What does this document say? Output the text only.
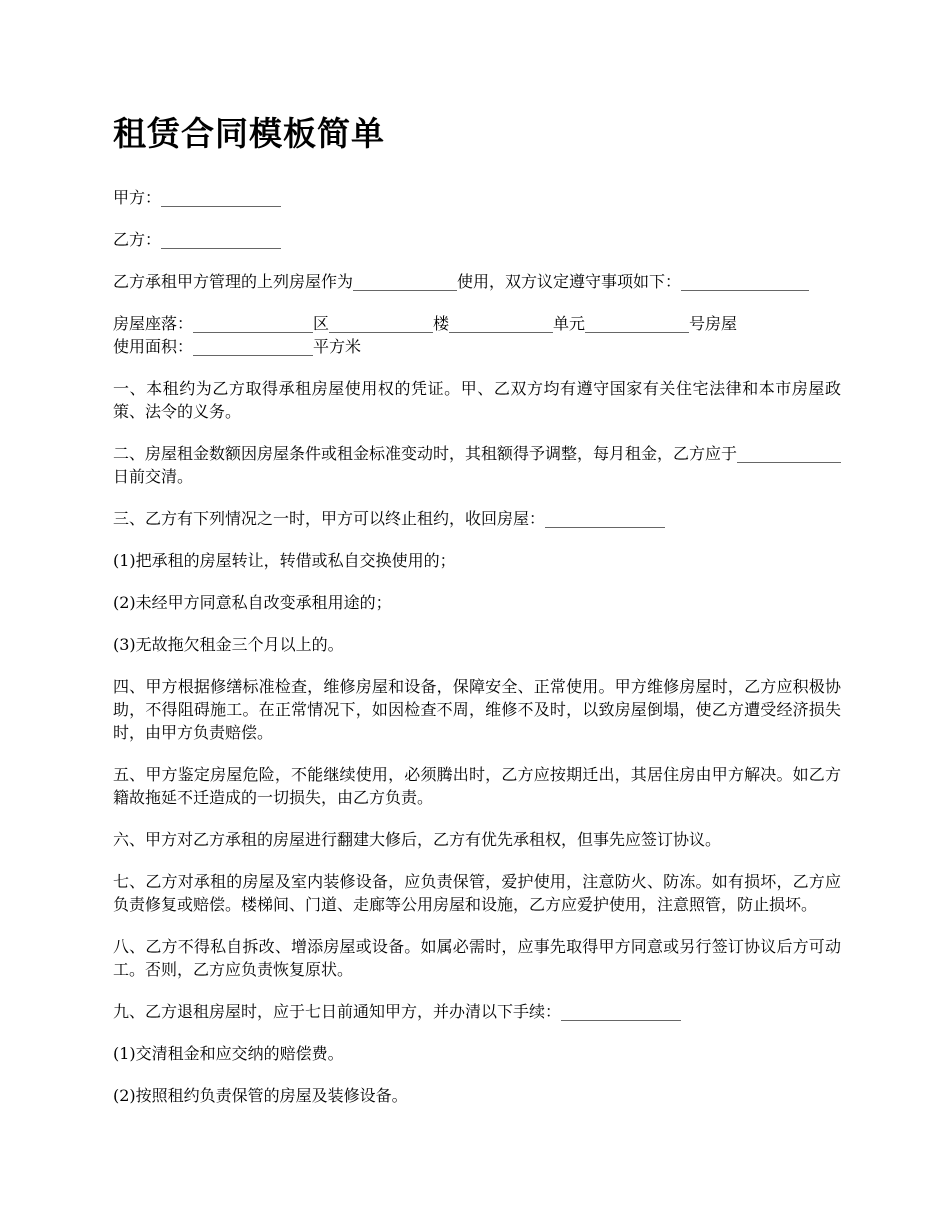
租赁合同模板简单

甲方：_______________

乙方：_______________

乙方承租甲方管理的上列房屋作为_____________使用，双方议定遵守事项如下：________________

房屋座落：_______________区_____________楼_____________单元_____________号房屋

使用面积：_______________平方米

一、本租约为乙方取得承租房屋使用权的凭证。甲、乙双方均有遵守国家有关住宅法律和本市房屋政策、法令的义务。

二、房屋租金数额因房屋条件或租金标准变动时，其租额得予调整，每月租金，乙方应于_____________日前交清。

三、乙方有下列情况之一时，甲方可以终止租约，收回房屋：_______________

(1)把承租的房屋转让，转借或私自交换使用的；

(2)未经甲方同意私自改变承租用途的；

(3)无故拖欠租金三个月以上的。

四、甲方根据修缮标准检查，维修房屋和设备，保障安全、正常使用。甲方维修房屋时，乙方应积极协助，不得阻碍施工。在正常情况下，如因检查不周，维修不及时，以致房屋倒塌，使乙方遭受经济损失时，由甲方负责赔偿。

五、甲方鉴定房屋危险，不能继续使用，必须腾出时，乙方应按期迁出，其居住房由甲方解决。如乙方籍故拖延不迁造成的一切损失，由乙方负责。

六、甲方对乙方承租的房屋进行翻建大修后，乙方有优先承租权，但事先应签订协议。

七、乙方对承租的房屋及室内装修设备，应负责保管，爱护使用，注意防火、防冻。如有损坏，乙方应负责修复或赔偿。楼梯间、门道、走廊等公用房屋和设施，乙方应爱护使用，注意照管，防止损坏。

八、乙方不得私自拆改、增添房屋或设备。如属必需时，应事先取得甲方同意或另行签订协议后方可动工。否则，乙方应负责恢复原状。

九、乙方退租房屋时，应于七日前通知甲方，并办清以下手续：_______________

(1)交清租金和应交纳的赔偿费。

(2)按照租约负责保管的房屋及装修设备。
